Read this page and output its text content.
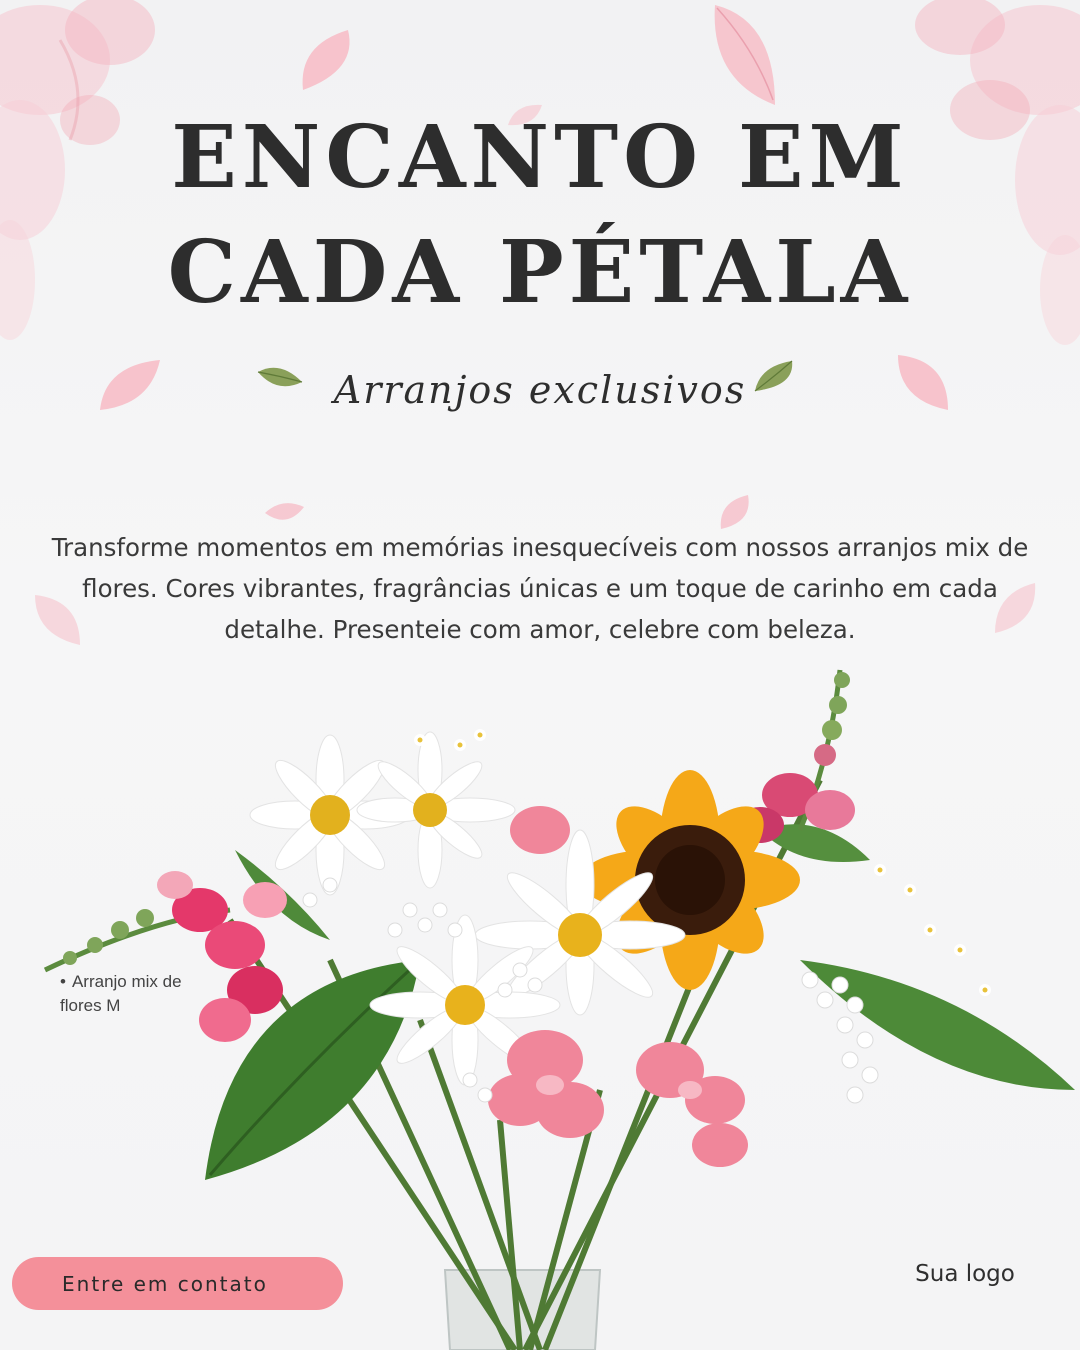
ENCANTO EM
CADA PÉTALA
Arranjos exclusivos

Transforme momentos em memórias inesquecíveis com nossos arranjos mix de flores. Cores vibrantes, fragrâncias únicas e um toque de carinho em cada detalhe. Presenteie com amor, celebre com beleza.

• Arranjo mix de flores M

Entre em contato	Sua logo
